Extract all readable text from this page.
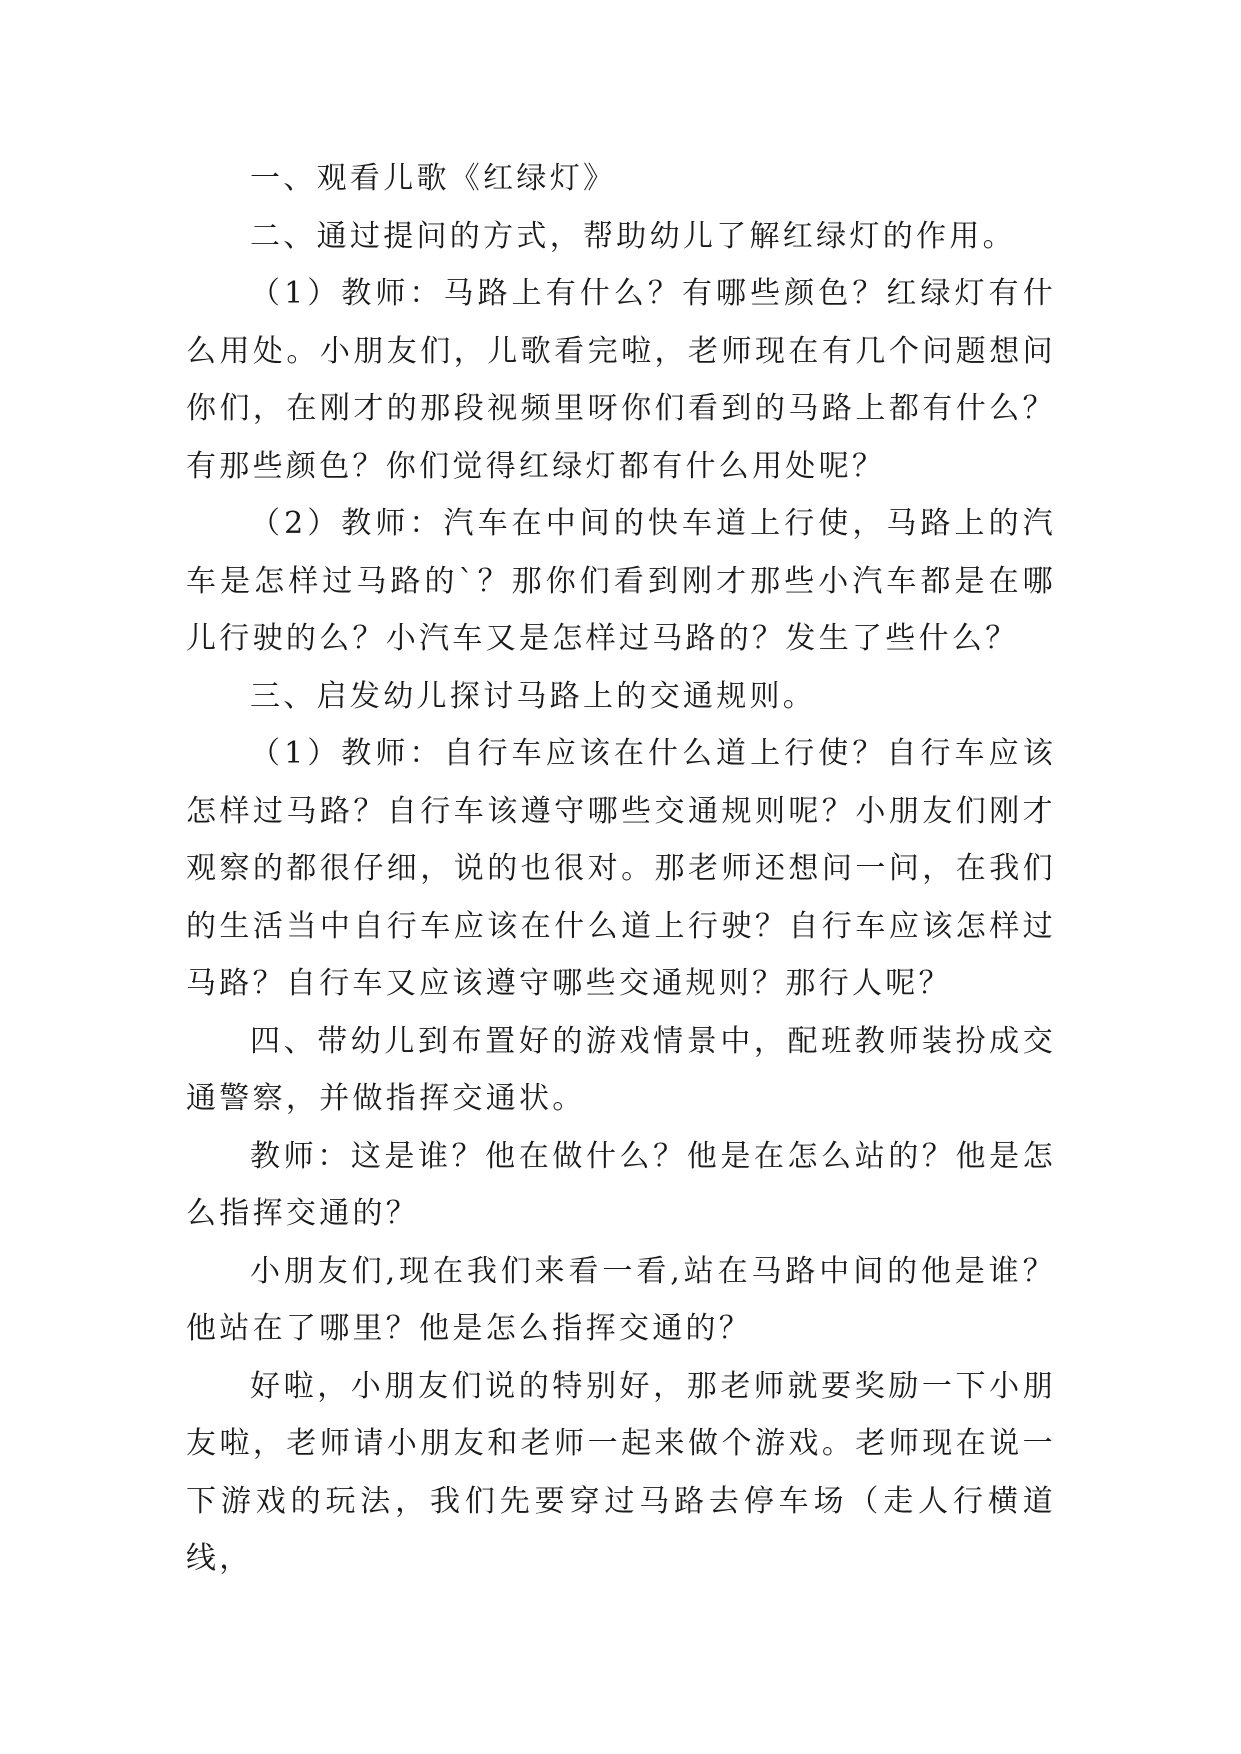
一、观看儿歌《红绿灯》

二、通过提问的方式，帮助幼儿了解红绿灯的作用。

（1）教师：马路上有什么？有哪些颜色？红绿灯有什么用处。小朋友们，儿歌看完啦，老师现在有几个问题想问你们，在刚才的那段视频里呀你们看到的马路上都有什么？有那些颜色？你们觉得红绿灯都有什么用处呢？

（2）教师：汽车在中间的快车道上行使，马路上的汽车是怎样过马路的`？那你们看到刚才那些小汽车都是在哪儿行驶的么？小汽车又是怎样过马路的？发生了些什么？

三、启发幼儿探讨马路上的交通规则。

（1）教师：自行车应该在什么道上行使？自行车应该怎样过马路？自行车该遵守哪些交通规则呢？小朋友们刚才观察的都很仔细，说的也很对。那老师还想问一问，在我们的生活当中自行车应该在什么道上行驶？自行车应该怎样过马路？自行车又应该遵守哪些交通规则？那行人呢？

四、带幼儿到布置好的游戏情景中，配班教师装扮成交通警察，并做指挥交通状。

教师：这是谁？他在做什么？他是在怎么站的？他是怎么指挥交通的？

小朋友们,现在我们来看一看,站在马路中间的他是谁？他站在了哪里？他是怎么指挥交通的？

好啦，小朋友们说的特别好，那老师就要奖励一下小朋友啦，老师请小朋友和老师一起来做个游戏。老师现在说一下游戏的玩法，我们先要穿过马路去停车场（走人行横道线，
